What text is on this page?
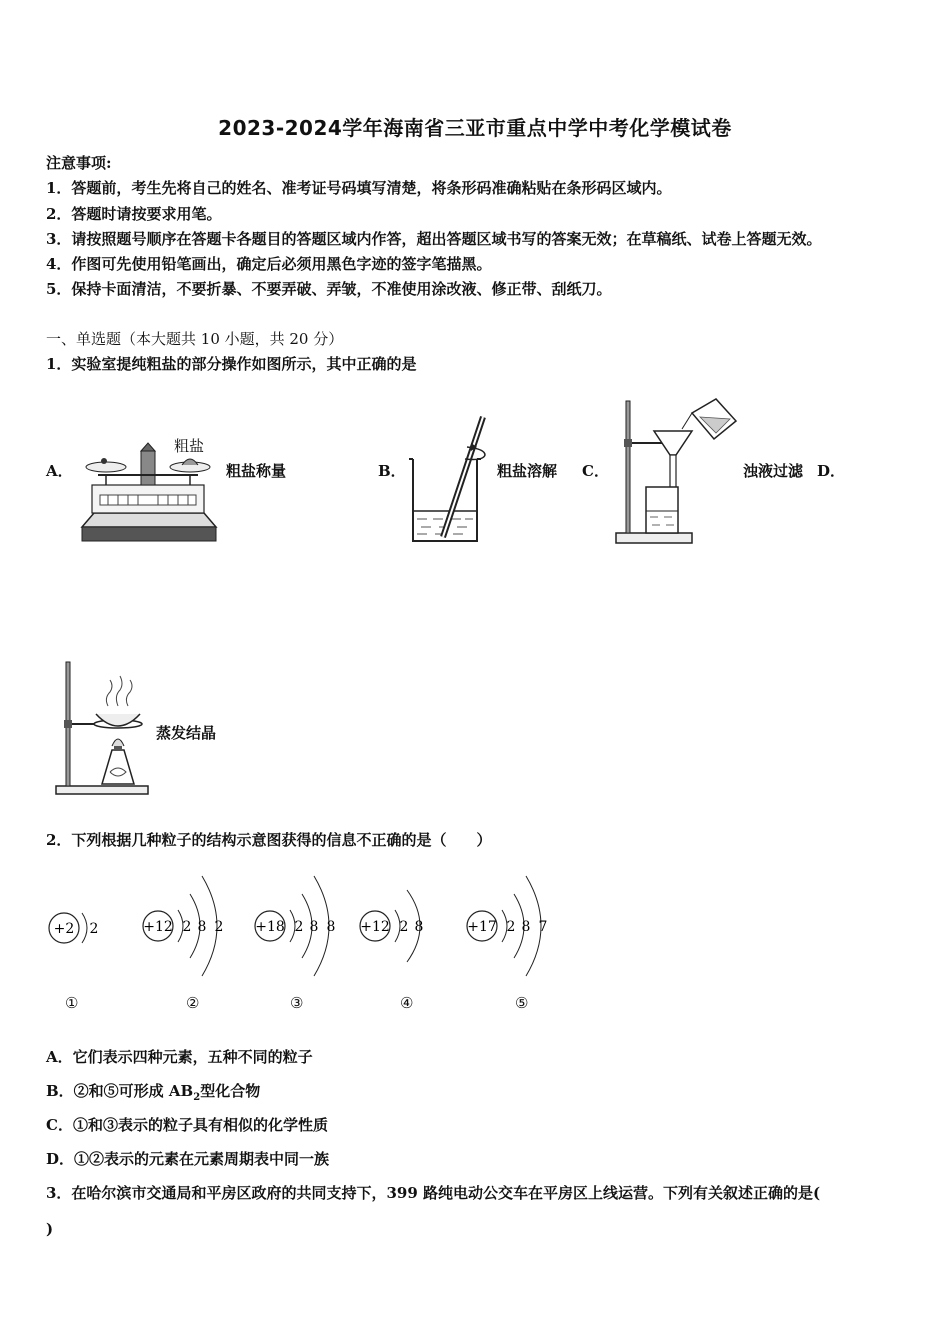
2023-2024学年海南省三亚市重点中学中考化学模试卷
注意事项:
1．答题前，考生先将自己的姓名、准考证号码填写清楚，将条形码准确粘贴在条形码区域内。
2．答题时请按要求用笔。
3．请按照题号顺序在答题卡各题目的答题区域内作答，超出答题区域书写的答案无效；在草稿纸、试卷上答题无效。
4．作图可先使用铅笔画出，确定后必须用黑色字迹的签字笔描黑。
5．保持卡面清洁，不要折暴、不要弄破、弄皱，不准使用涂改液、修正带、刮纸刀。
一、单选题（本大题共 10 小题，共 20 分）
1．实验室提纯粗盐的部分操作如图所示，其中正确的是
A．
粗盐
粗盐称量	B．	粗盐溶解 C．	浊液过滤 D．
蒸发结晶
2．下列根据几种粒子的结构示意图获得的信息不正确的是（　　）
+2 2
①
+12 2 8 2
②
+18 2 8 8
③
+12 2 8
④
+17 2 8 7
⑤
A．它们表示四种元素，五种不同的粒子
B．②和⑤可形成 $AB_2$型化合物
C．①和③表示的粒子具有相似的化学性质
D．①②表示的元素在元素周期表中同一族
3．在哈尔滨市交通局和平房区政府的共同支持下，399 路纯电动公交车在平房区上线运营。下列有关叙述正确的是(
)
